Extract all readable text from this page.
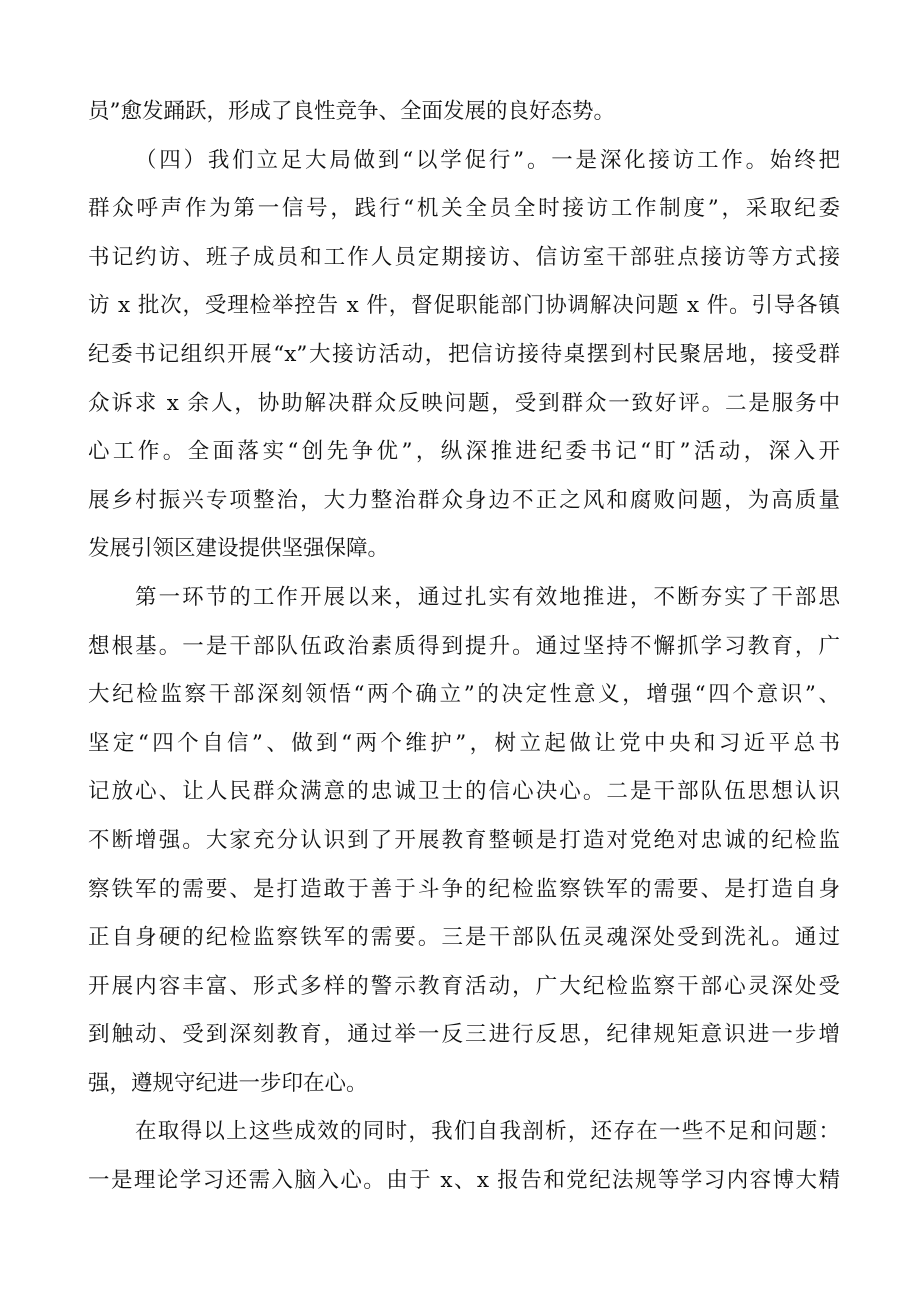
员”愈发踊跃，形成了良性竞争、全面发展的良好态势。
（四）我们立足大局做到“以学促行”。一是深化接访工作。始终把
群众呼声作为第一信号，践行“机关全员全时接访工作制度”，采取纪委
书记约访、班子成员和工作人员定期接访、信访室干部驻点接访等方式接
访 x 批次，受理检举控告 x 件，督促职能部门协调解决问题 x 件。引导各镇
纪委书记组织开展“x”大接访活动，把信访接待桌摆到村民聚居地，接受群
众诉求 x 余人，协助解决群众反映问题，受到群众一致好评。二是服务中
心工作。全面落实“创先争优”，纵深推进纪委书记“盯”活动，深入开
展乡村振兴专项整治，大力整治群众身边不正之风和腐败问题，为高质量
发展引领区建设提供坚强保障。
第一环节的工作开展以来，通过扎实有效地推进，不断夯实了干部思
想根基。一是干部队伍政治素质得到提升。通过坚持不懈抓学习教育，广
大纪检监察干部深刻领悟“两个确立”的决定性意义，增强“四个意识”、
坚定“四个自信”、做到“两个维护”，树立起做让党中央和习近平总书
记放心、让人民群众满意的忠诚卫士的信心决心。二是干部队伍思想认识
不断增强。大家充分认识到了开展教育整顿是打造对党绝对忠诚的纪检监
察铁军的需要、是打造敢于善于斗争的纪检监察铁军的需要、是打造自身
正自身硬的纪检监察铁军的需要。三是干部队伍灵魂深处受到洗礼。通过
开展内容丰富、形式多样的警示教育活动，广大纪检监察干部心灵深处受
到触动、受到深刻教育，通过举一反三进行反思，纪律规矩意识进一步增
强，遵规守纪进一步印在心。
在取得以上这些成效的同时，我们自我剖析，还存在一些不足和问题：
一是理论学习还需入脑入心。由于 x、x 报告和党纪法规等学习内容博大精
